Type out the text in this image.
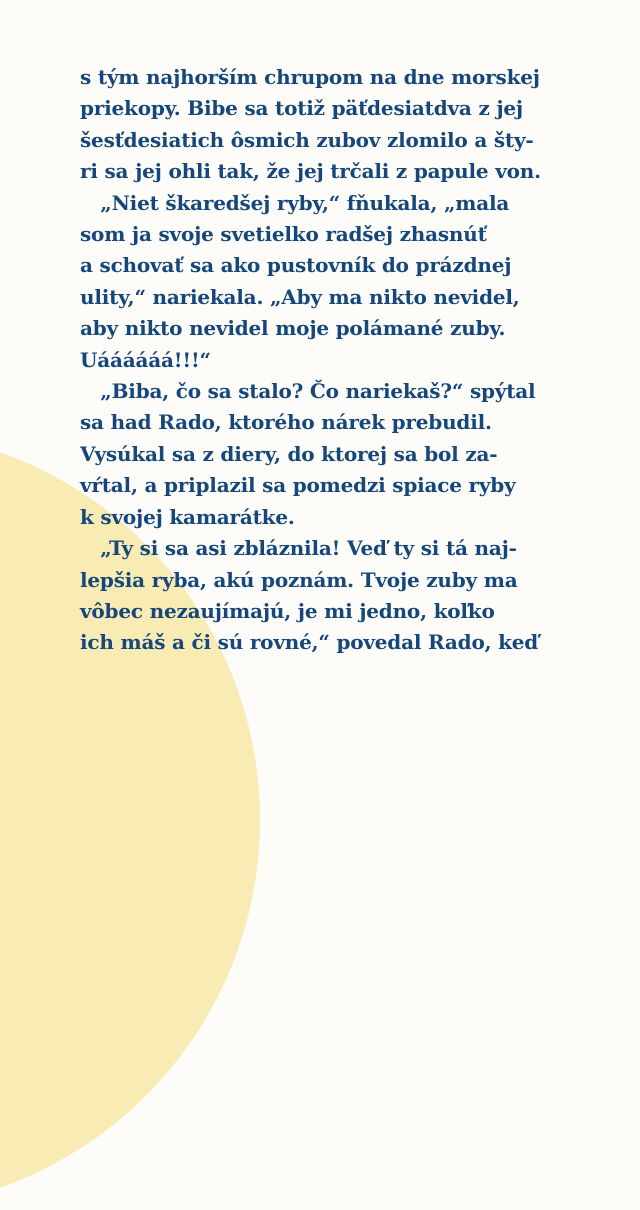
s tým najhorším chrupom na dne morskej
priekopy. Bibe sa totiž päťdesiatdva z jej
šesťdesiatich ôsmich zubov zlomilo a šty-
ri sa jej ohli tak, že jej trčali z papule von.
„Niet škaredšej ryby,“ fňukala, „mala
som ja svoje svetielko radšej zhasnúť
a schovať sa ako pustovník do prázdnej
ulity,“ nariekala. „Aby ma nikto nevidel,
aby nikto nevidel moje polámané zuby.
Uáááááá!!!“
„Biba, čo sa stalo? Čo nariekaš?“ spýtal
sa had Rado, ktorého nárek prebudil.
Vysúkal sa z diery, do ktorej sa bol za-
vŕtal, a priplazil sa pomedzi spiace ryby
k svojej kamarátke.
„Ty si sa asi zbláznila! Veď ty si tá naj-
lepšia ryba, akú poznám. Tvoje zuby ma
vôbec nezaujímajú, je mi jedno, koľko
ich máš a či sú rovné,“ povedal Rado, keď
